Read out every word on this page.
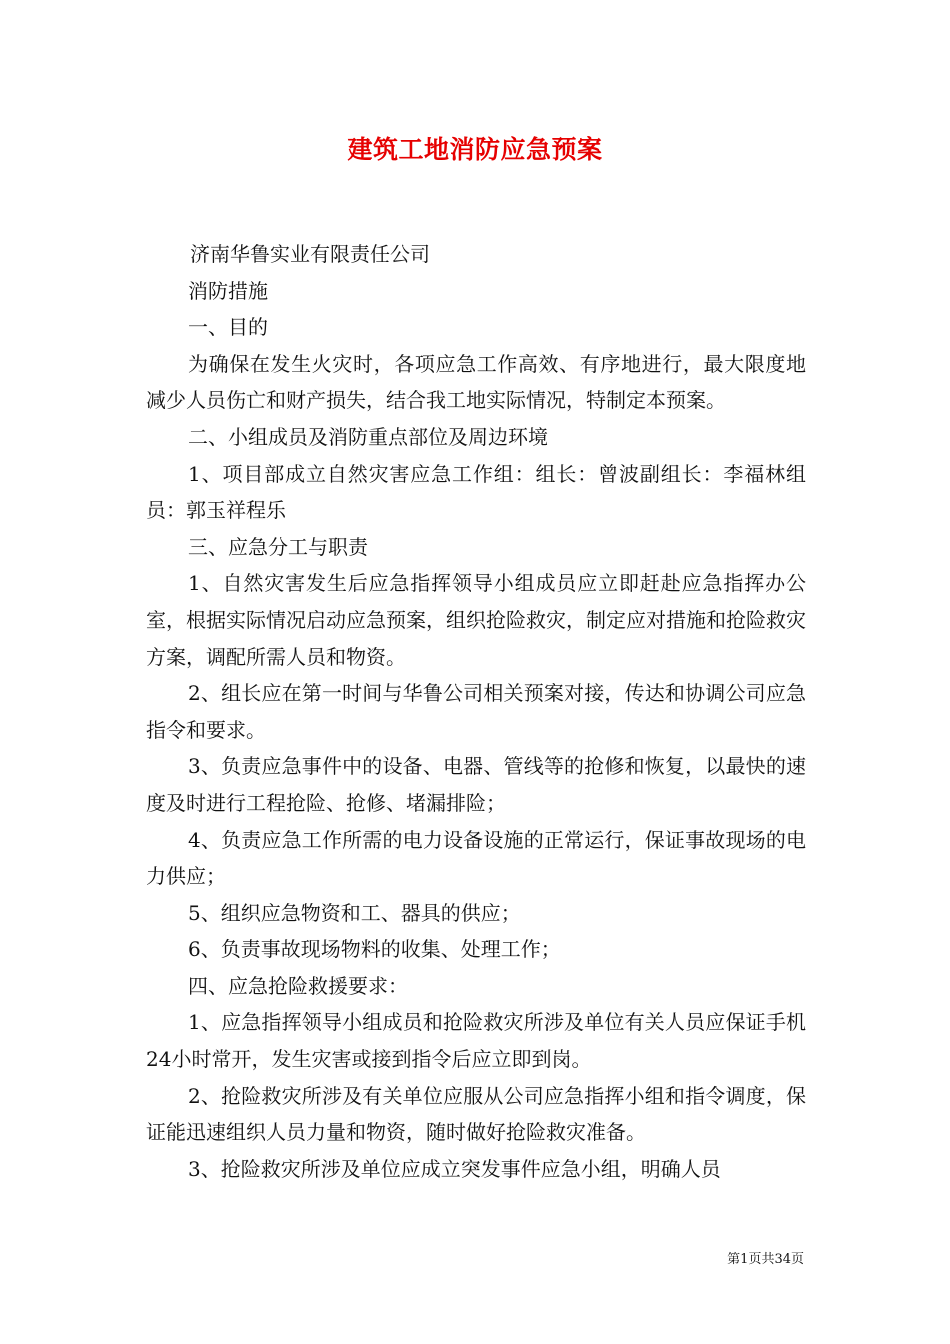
建筑工地消防应急预案

济南华鲁实业有限责任公司

消防措施

一、目的

为确保在发生火灾时，各项应急工作高效、有序地进行，最大限度地减少人员伤亡和财产损失，结合我工地实际情况，特制定本预案。

二、小组成员及消防重点部位及周边环境

1、项目部成立自然灾害应急工作组：组长：曾波副组长：李福林组员：郭玉祥程乐

三、应急分工与职责

1、自然灾害发生后应急指挥领导小组成员应立即赶赴应急指挥办公室，根据实际情况启动应急预案，组织抢险救灾，制定应对措施和抢险救灾方案，调配所需人员和物资。

2、组长应在第一时间与华鲁公司相关预案对接，传达和协调公司应急指令和要求。

3、负责应急事件中的设备、电器、管线等的抢修和恢复，以最快的速度及时进行工程抢险、抢修、堵漏排险；

4、负责应急工作所需的电力设备设施的正常运行，保证事故现场的电力供应；

5、组织应急物资和工、器具的供应；

6、负责事故现场物料的收集、处理工作；

四、应急抢险救援要求：

1、应急指挥领导小组成员和抢险救灾所涉及单位有关人员应保证手机24小时常开，发生灾害或接到指令后应立即到岗。

2、抢险救灾所涉及有关单位应服从公司应急指挥小组和指令调度，保证能迅速组织人员力量和物资，随时做好抢险救灾准备。

3、抢险救灾所涉及单位应成立突发事件应急小组，明确人员

第1页共34页
